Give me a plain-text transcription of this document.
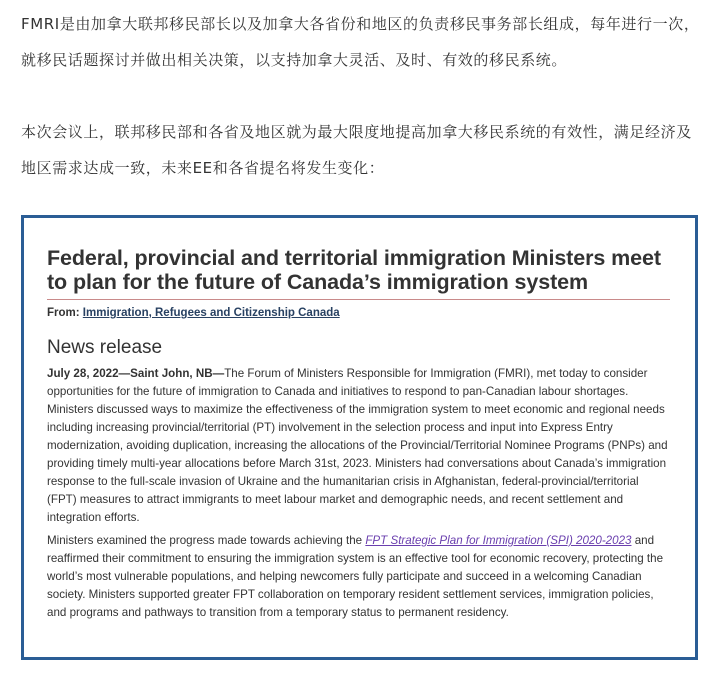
FMRI是由加拿大联邦移民部长以及加拿大各省份和地区的负责移民事务部长组成，每年进行一次，就移民话题探讨并做出相关决策，以支持加拿大灵活、及时、有效的移民系统。

本次会议上，联邦移民部和各省及地区就为最大限度地提高加拿大移民系统的有效性，满足经济及地区需求达成一致，未来EE和各省提名将发生变化：

Federal, provincial and territorial immigration Ministers meet to plan for the future of Canada’s immigration system
From: Immigration, Refugees and Citizenship Canada
News release

July 28, 2022—Saint John, NB—The Forum of Ministers Responsible for Immigration (FMRI), met today to consider opportunities for the future of immigration to Canada and initiatives to respond to pan-Canadian labour shortages. Ministers discussed ways to maximize the effectiveness of the immigration system to meet economic and regional needs including increasing provincial/territorial (PT) involvement in the selection process and input into Express Entry modernization, avoiding duplication, increasing the allocations of the Provincial/Territorial Nominee Programs (PNPs) and providing timely multi-year allocations before March 31st, 2023. Ministers had conversations about Canada’s immigration response to the full-scale invasion of Ukraine and the humanitarian crisis in Afghanistan, federal-provincial/territorial (FPT) measures to attract immigrants to meet labour market and demographic needs, and recent settlement and integration efforts.

Ministers examined the progress made towards achieving the FPT Strategic Plan for Immigration (SPI) 2020-2023 and reaffirmed their commitment to ensuring the immigration system is an effective tool for economic recovery, protecting the world’s most vulnerable populations, and helping newcomers fully participate and succeed in a welcoming Canadian society. Ministers supported greater FPT collaboration on temporary resident settlement services, immigration policies, and programs and pathways to transition from a temporary status to permanent residency.
